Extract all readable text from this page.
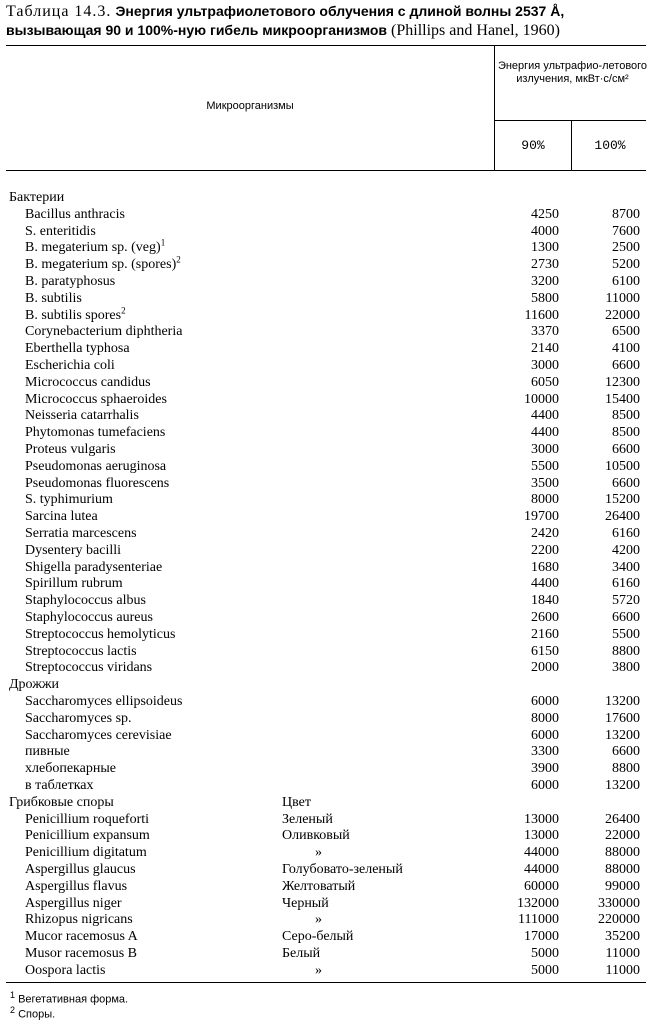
Таблица 14.3. Энергия ультрафиолетового облучения с длиной волны 2537 Å, вызывающая 90 и 100%-ную гибель микроорганизмов (Phillips and Hanel, 1960)
Микроорганизмы
Энергия ультрафио-летового излучения, мкВт·с/см²
90%	100%
Бактерии
Bacillus anthracis	4250	8700
S. enteritidis	4000	7600
B. megaterium sp. (veg)$^1$	1300	2500
B. megaterium sp. (spores)$^2$	2730	5200
B. paratyphosus	3200	6100
B. subtilis	5800	11000
B. subtilis spores$^2$	11600	22000
Corynebacterium diphtheria	3370	6500
Eberthella typhosa	2140	4100
Escherichia coli	3000	6600
Micrococcus candidus	6050	12300
Micrococcus sphaeroides	10000	15400
Neisseria catarrhalis	4400	8500
Phytomonas tumefaciens	4400	8500
Proteus vulgaris	3000	6600
Pseudomonas aeruginosa	5500	10500
Pseudomonas fluorescens	3500	6600
S. typhimurium	8000	15200
Sarcina lutea	19700	26400
Serratia marcescens	2420	6160
Dysentery bacilli	2200	4200
Shigella paradysenteriae	1680	3400
Spirillum rubrum	4400	6160
Staphylococcus albus	1840	5720
Staphylococcus aureus	2600	6600
Streptococcus hemolyticus	2160	5500
Streptococcus lactis	6150	8800
Streptococcus viridans	2000	3800
Дрожжи
Saccharomyces ellipsoideus	6000	13200
Saccharomyces sp.	8000	17600
Saccharomyces cerevisiae	6000	13200
пивные	3300	6600
хлебопекарные	3900	8800
в таблетках	6000	13200
Грибковые споры	Цвет
Penicillium roqueforti	Зеленый	13000	26400
Penicillium expansum	Оливковый	13000	22000
Penicillium digitatum	»	44000	88000
Aspergillus glaucus	Голубовато-зеленый	44000	88000
Aspergillus flavus	Желтоватый	60000	99000
Aspergillus niger	Черный	132000	330000
Rhizopus nigricans	»	111000	220000
Mucor racemosus A	Серо-белый	17000	35200
Musor racemosus B	Белый	5000	11000
Oospora lactis	»	5000	11000
$^1$ Вегетативная форма.
$^2$ Споры.
